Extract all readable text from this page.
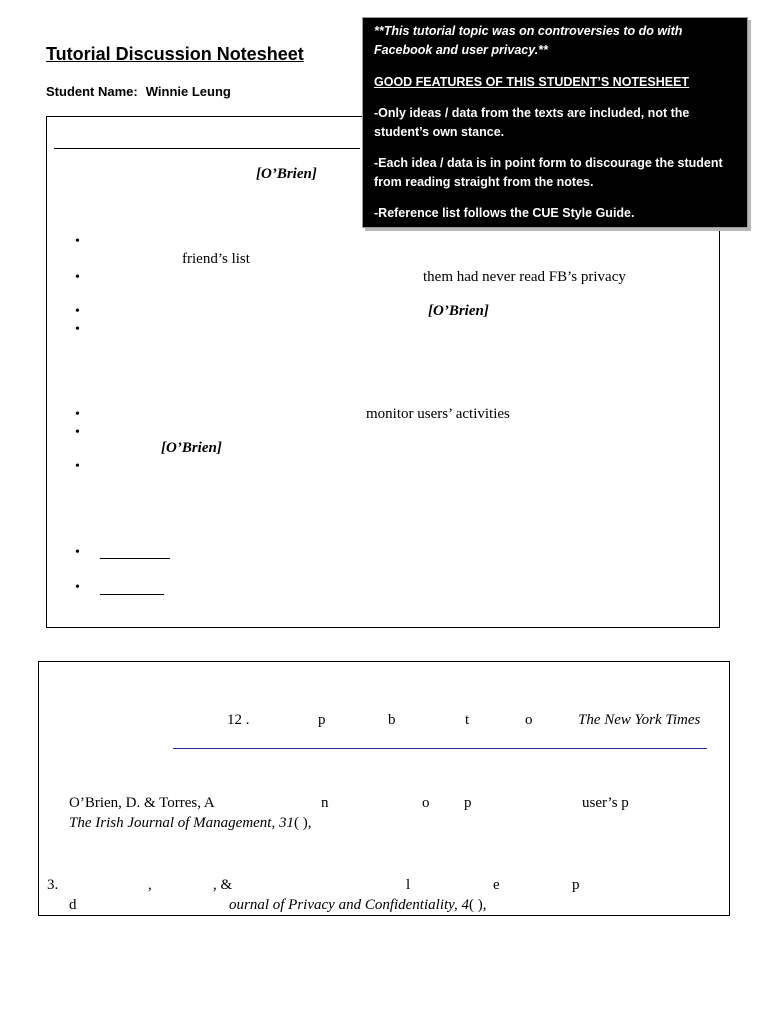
Tutorial Discussion Notesheet
Student Name: Winnie Leung
[O’Brien]
•
friend’s list
•	them had never read FB’s privacy
•	[O’Brien]
•
•	monitor users’ activities
•
[O’Brien]
•
•
•
12 .	p	b	t	o	The New York Times
O’Brien, D. & Torres, A	n	o p	user’s p
The Irish Journal of Management, 31( ),
3.	,	, &	l	e	p
d	ournal of Privacy and Confidentiality, 4( ),
**This tutorial topic was on controversies to do with Facebook and user privacy.**
GOOD FEATURES OF THIS STUDENT’S NOTESHEET
-Only ideas / data from the texts are included, not the student’s own stance.
-Each idea / data is in point form to discourage the student from reading straight from the notes.
-Reference list follows the CUE Style Guide.
